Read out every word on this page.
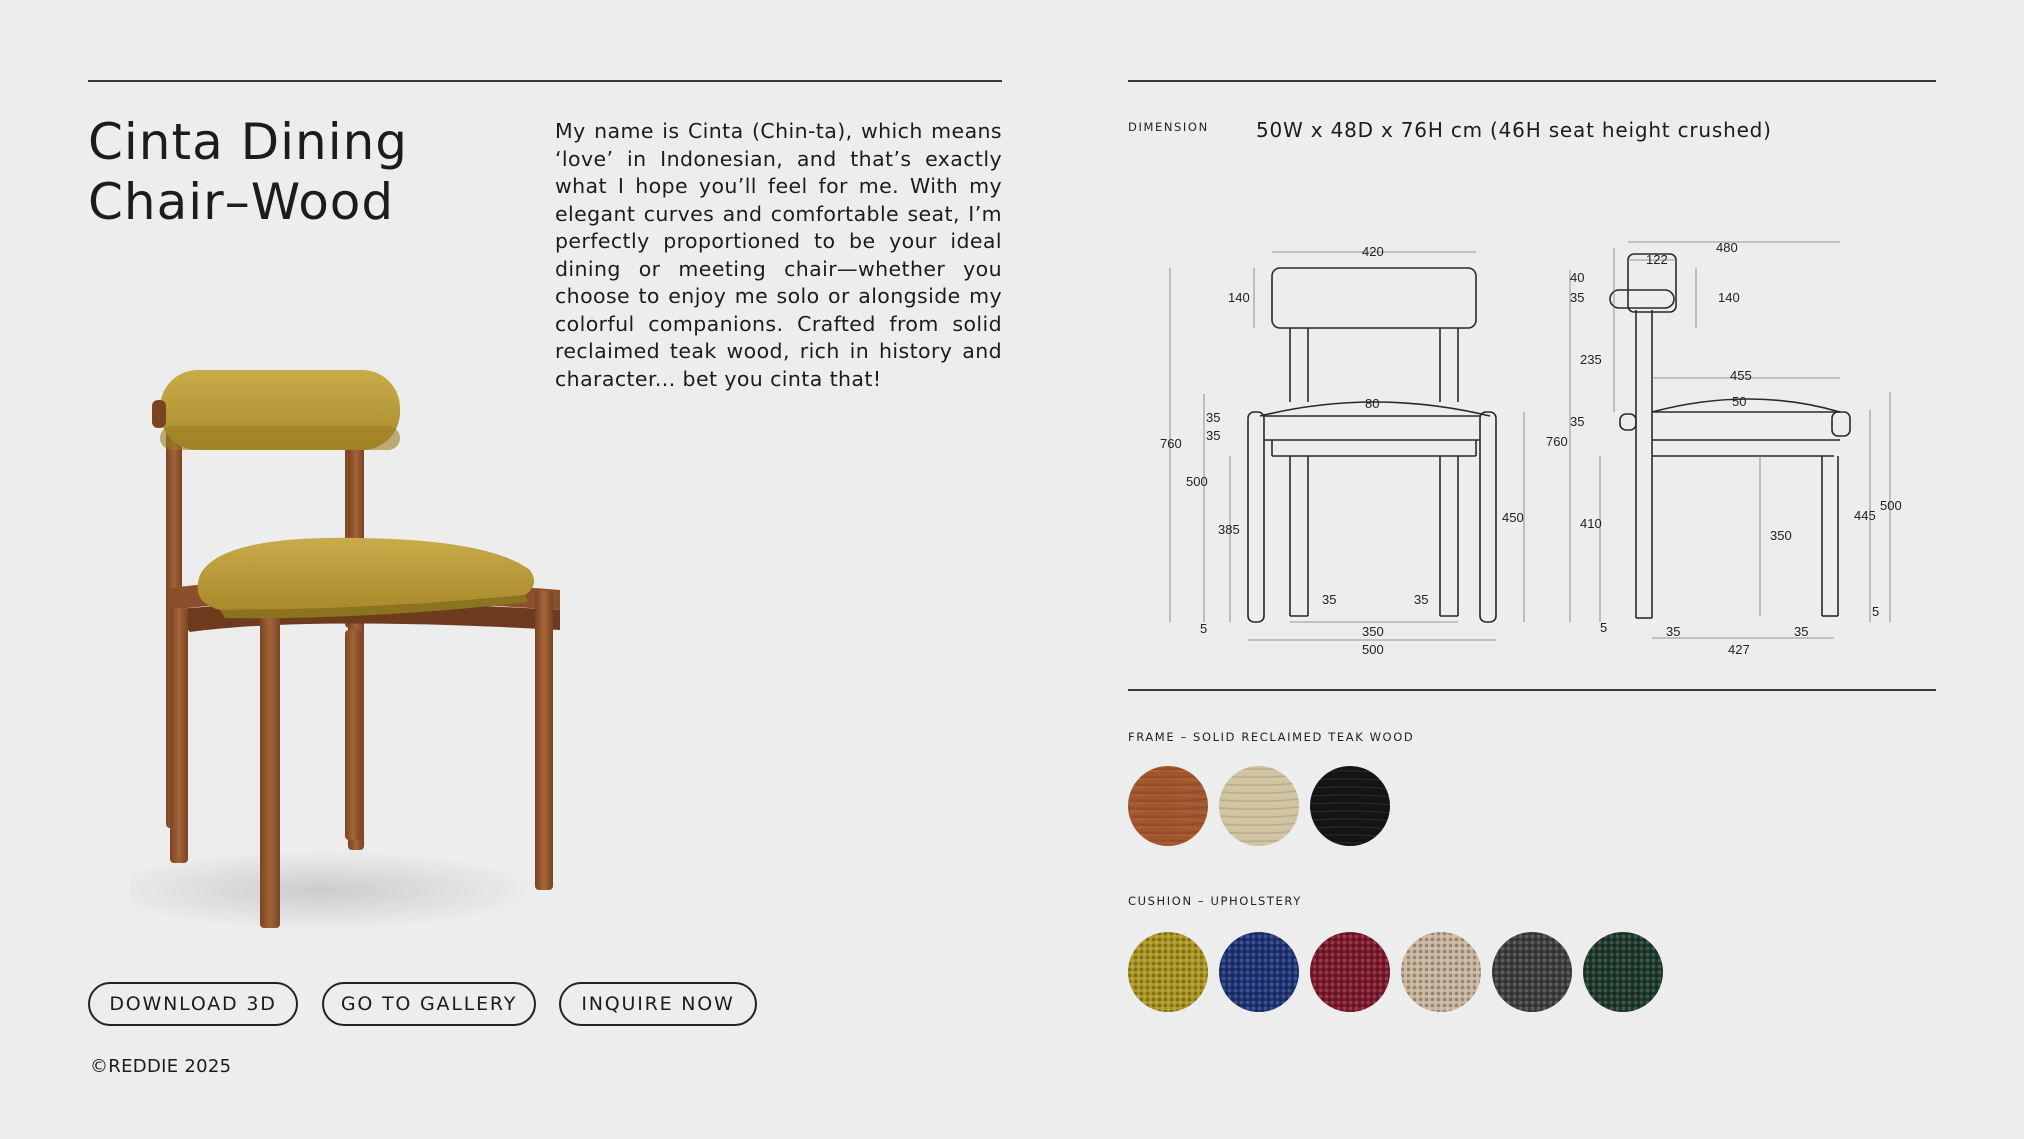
Cinta Dining
Chair–Wood

My name is Cinta (Chin-ta), which means ‘love’ in Indonesian, and that’s exactly what I hope you’ll feel for me. With my elegant curves and comfortable seat, I’m perfectly proportioned to be your ideal dining or meeting chair—whether you choose to enjoy me solo or alongside my colorful companions. Crafted from solid reclaimed teak wood, rich in history and character... bet you cinta that!

DOWNLOAD 3D	GO TO GALLERY	INQUIRE NOW
©REDDIE 2025
DIMENSION 50W x 48D x 76H cm (46H seat height crushed)
420
140
80
35
35
760
500
385
450
35	35
5	350
500
480
122
40
35	140
235
455
50
35
760
410
350
445
500
5
5	35	35
427
FRAME – SOLID RECLAIMED TEAK WOOD
CUSHION – UPHOLSTERY
